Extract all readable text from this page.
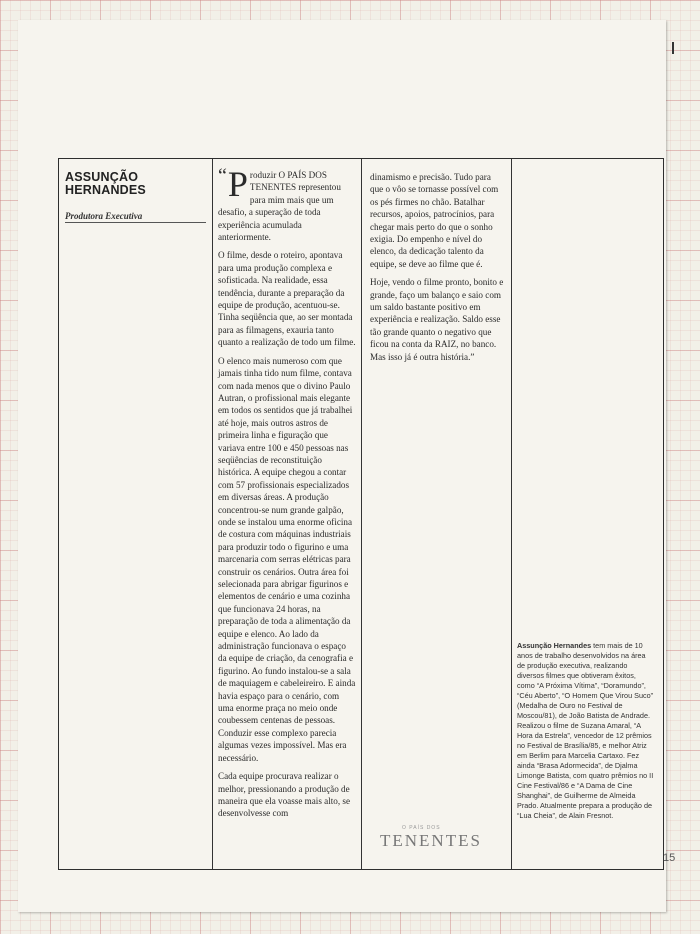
ASSUNÇÃO
HERNANDES
Produtora Executiva
“ P roduzir O PAÍS DOS
TENENTES representou para mim mais que um desafio, a superação de toda experiência acumulada anteriormente.

O filme, desde o roteiro, apontava para uma produção complexa e sofisticada. Na realidade, essa tendência, durante a preparação da equipe de produção, acentuou-se. Tinha seqüência que, ao ser montada para as filmagens, exauria tanto quanto a realização de todo um filme.

O elenco mais numeroso com que jamais tinha tido num filme, contava com nada menos que o divino Paulo Autran, o profissional mais elegante em todos os sentidos que já trabalhei até hoje, mais outros astros de primeira linha e figuração que variava entre 100 e 450 pessoas nas seqüências de reconstituição histórica. A equipe chegou a contar com 57 profissionais especializados em diversas áreas. A produção concentrou-se num grande galpão, onde se instalou uma enorme oficina de costura com máquinas industriais para produzir todo o figurino e uma marcenaria com serras elétricas para construir os cenários. Outra área foi selecionada para abrigar figurinos e elementos de cenário e uma cozinha que funcionava 24 horas, na preparação de toda a alimentação da equipe e elenco. Ao lado da administração funcionava o espaço da equipe de criação, da cenografia e figurino. Ao fundo instalou-se a sala de maquiagem e cabeleireiro. E ainda havia espaço para o cenário, com uma enorme praça no meio onde coubessem centenas de pessoas. Conduzir esse complexo parecia algumas vezes impossível. Mas era necessário.

Cada equipe procurava realizar o melhor, pressionando a produção de maneira que ela voasse mais alto, se desenvolvesse com

dinamismo e precisão. Tudo para que o vôo se tornasse possível com os pés firmes no chão. Batalhar recursos, apoios, patrocínios, para chegar mais perto do que o sonho exigia. Do empenho e nível do elenco, da dedicação talento da equipe, se deve ao filme que é.

Hoje, vendo o filme pronto, bonito e grande, faço um balanço e saio com um saldo bastante positivo em experiência e realização. Saldo esse tão grande quanto o negativo que ficou na conta da RAIZ, no banco. Mas isso já é outra história.”

O PAÍS DOS
TENENTES
Assunção Hernandes tem mais de 10 anos de trabalho desenvolvidos na área de produção executiva, realizando diversos filmes que obtiveram êxitos, como “A Próxima Vítima”, “Doramundo”, “Céu Aberto”, “O Homem Que Virou Suco” (Medalha de Ouro no Festival de Moscou/81), de João Batista de Andrade. Realizou o filme de Suzana Amaral, “A Hora da Estrela”, vencedor de 12 prêmios no Festival de Brasília/85, e melhor Atriz em Berlim para Marcelia Cartaxo. Fez ainda “Brasa Adormecida”, de Djalma Limonge Batista, com quatro prêmios no II Cine Festival/86 e “A Dama de Cine Shanghai”, de Guilherme de Almeida Prado. Atualmente prepara a produção de “Lua Cheia”, de Alain Fresnot.
15
